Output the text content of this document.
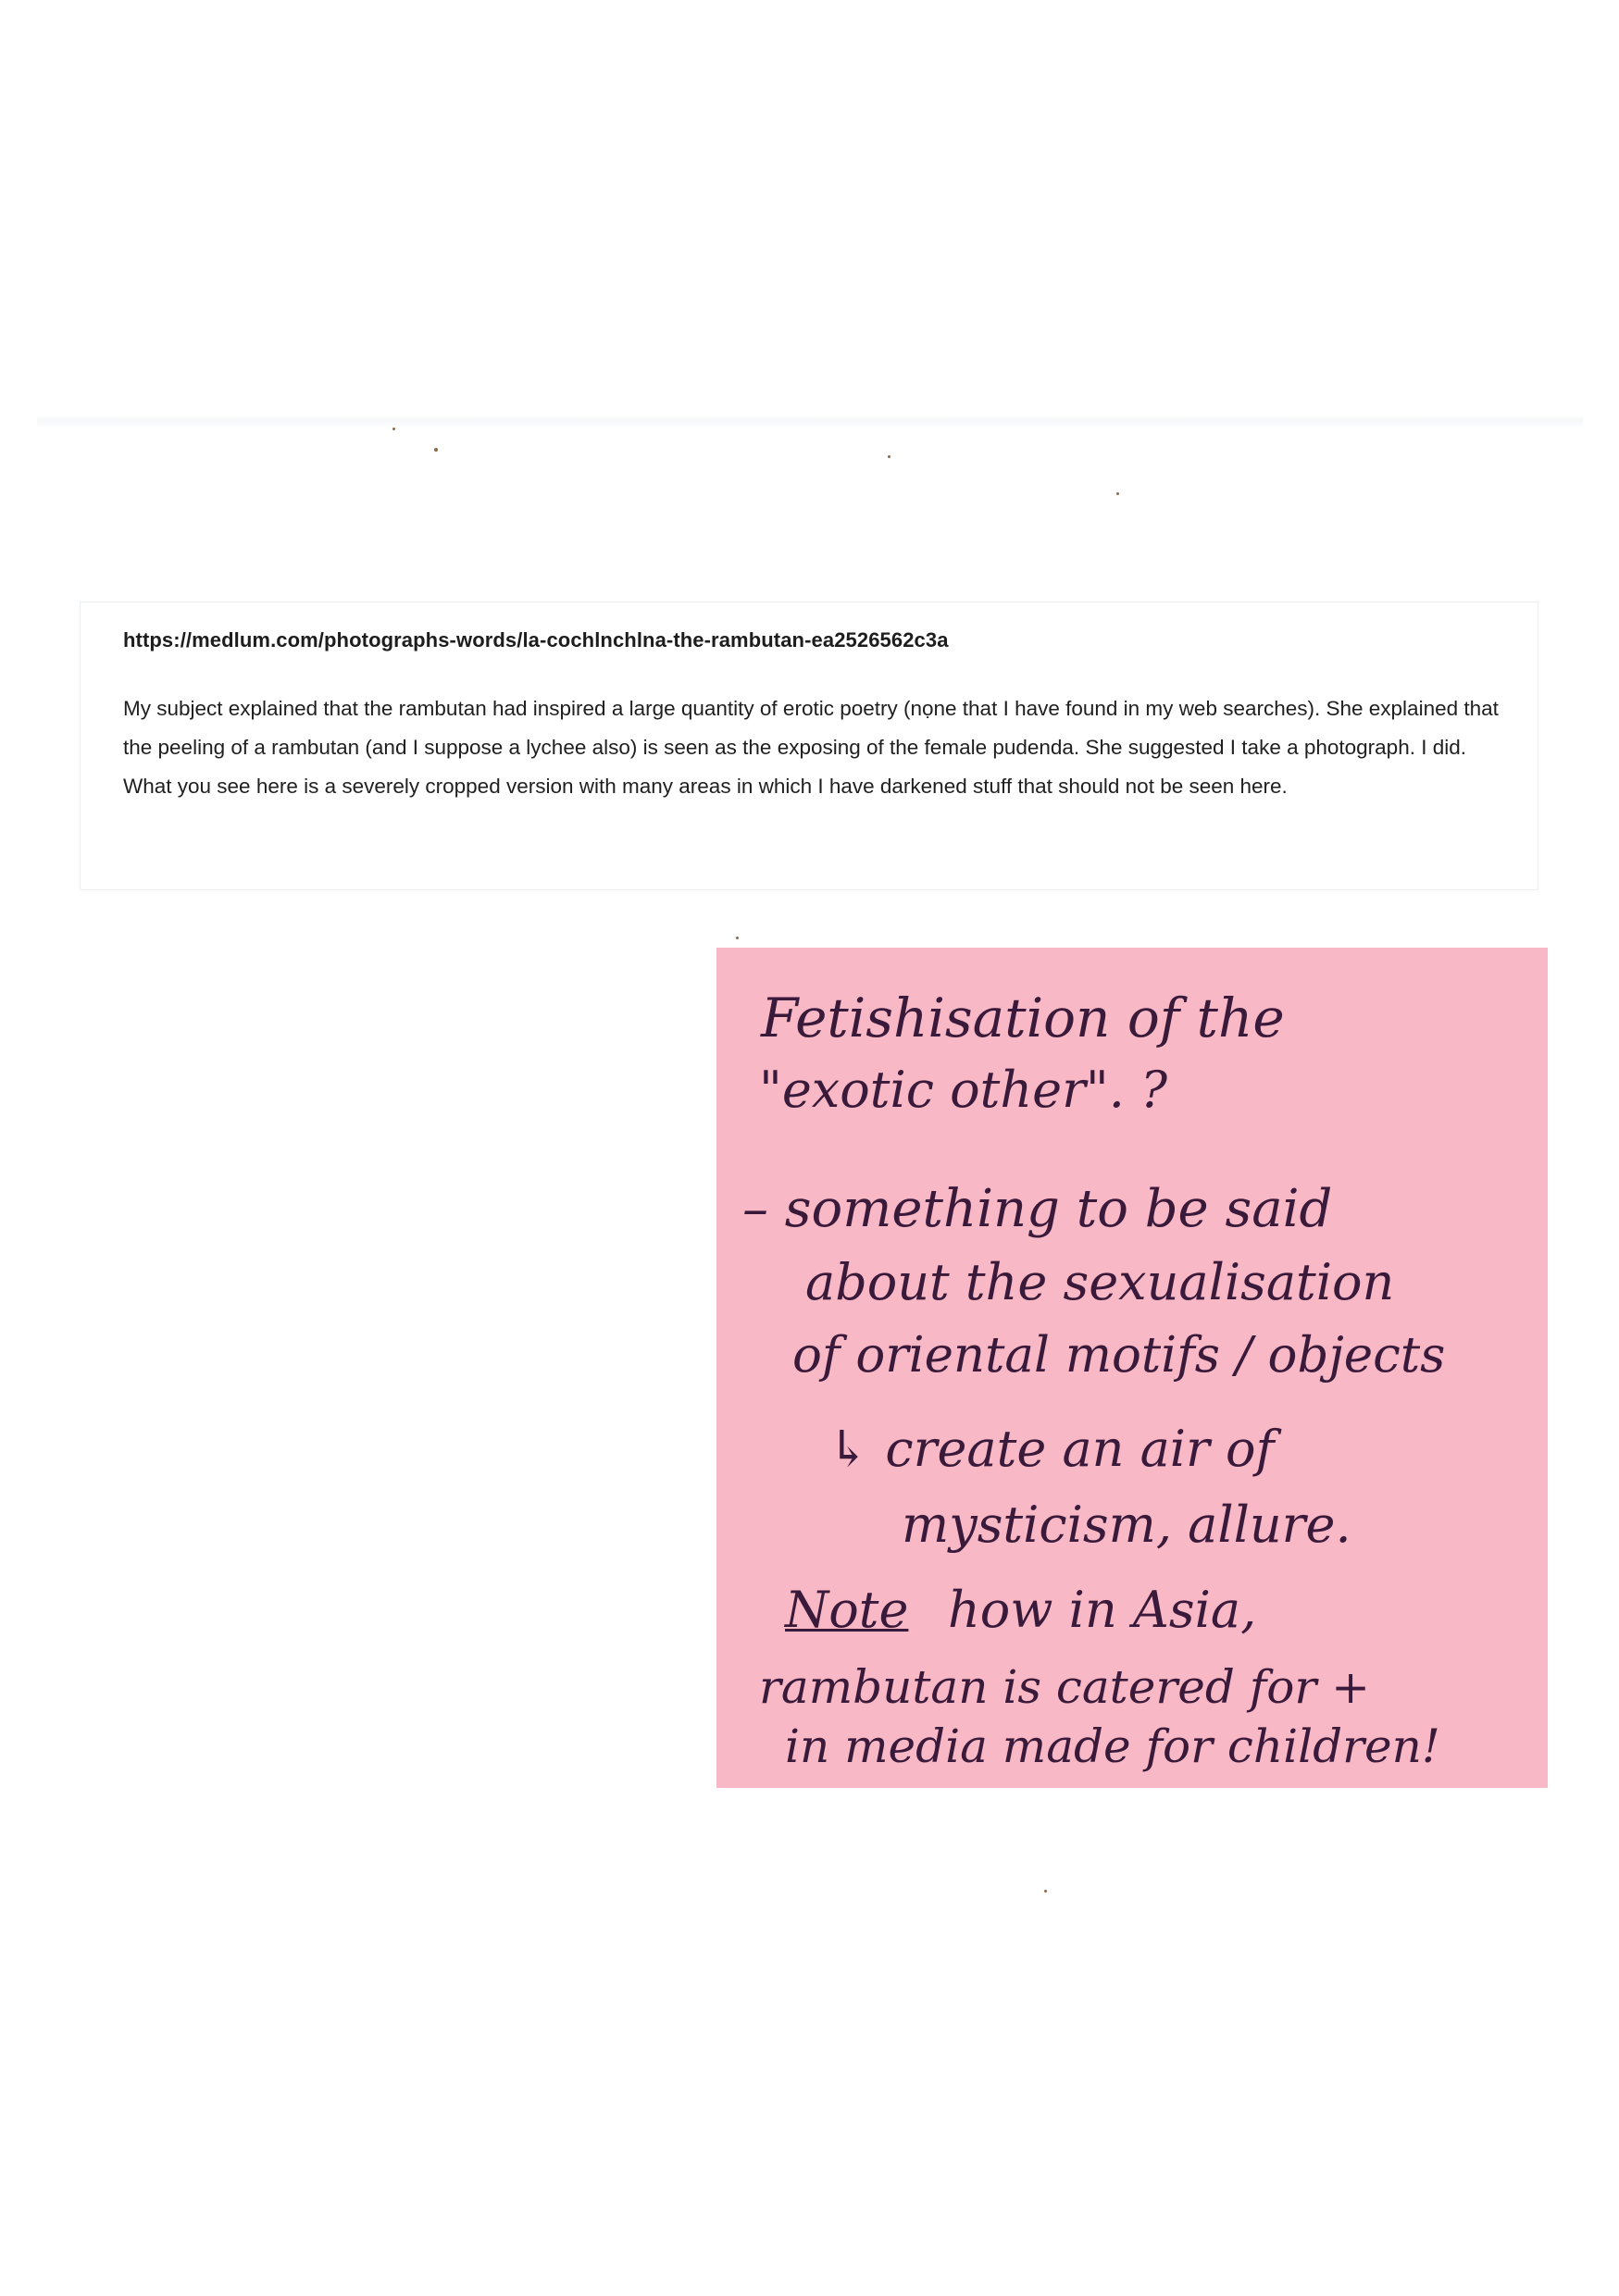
https://medlum.com/photographs-words/la-cochlnchlna-the-rambutan-ea2526562c3a
My subject explained that the rambutan had inspired a large quantity of erotic poetry (nọne that I have found in my web searches). She explained that the peeling of a rambutan (and I suppose a lychee also) is seen as the exposing of the female pudenda. She suggested I take a photograph. I did. What you see here is a severely cropped version with many areas in which I have darkened stuff that should not be seen here.
Fetishisation of the
"exotic other". ?
– something to be said
about the sexualisation
of oriental motifs / objects
↳ create an air of
mysticism, allure.
Note how in Asia,
rambutan is catered for +
in media made for children!
